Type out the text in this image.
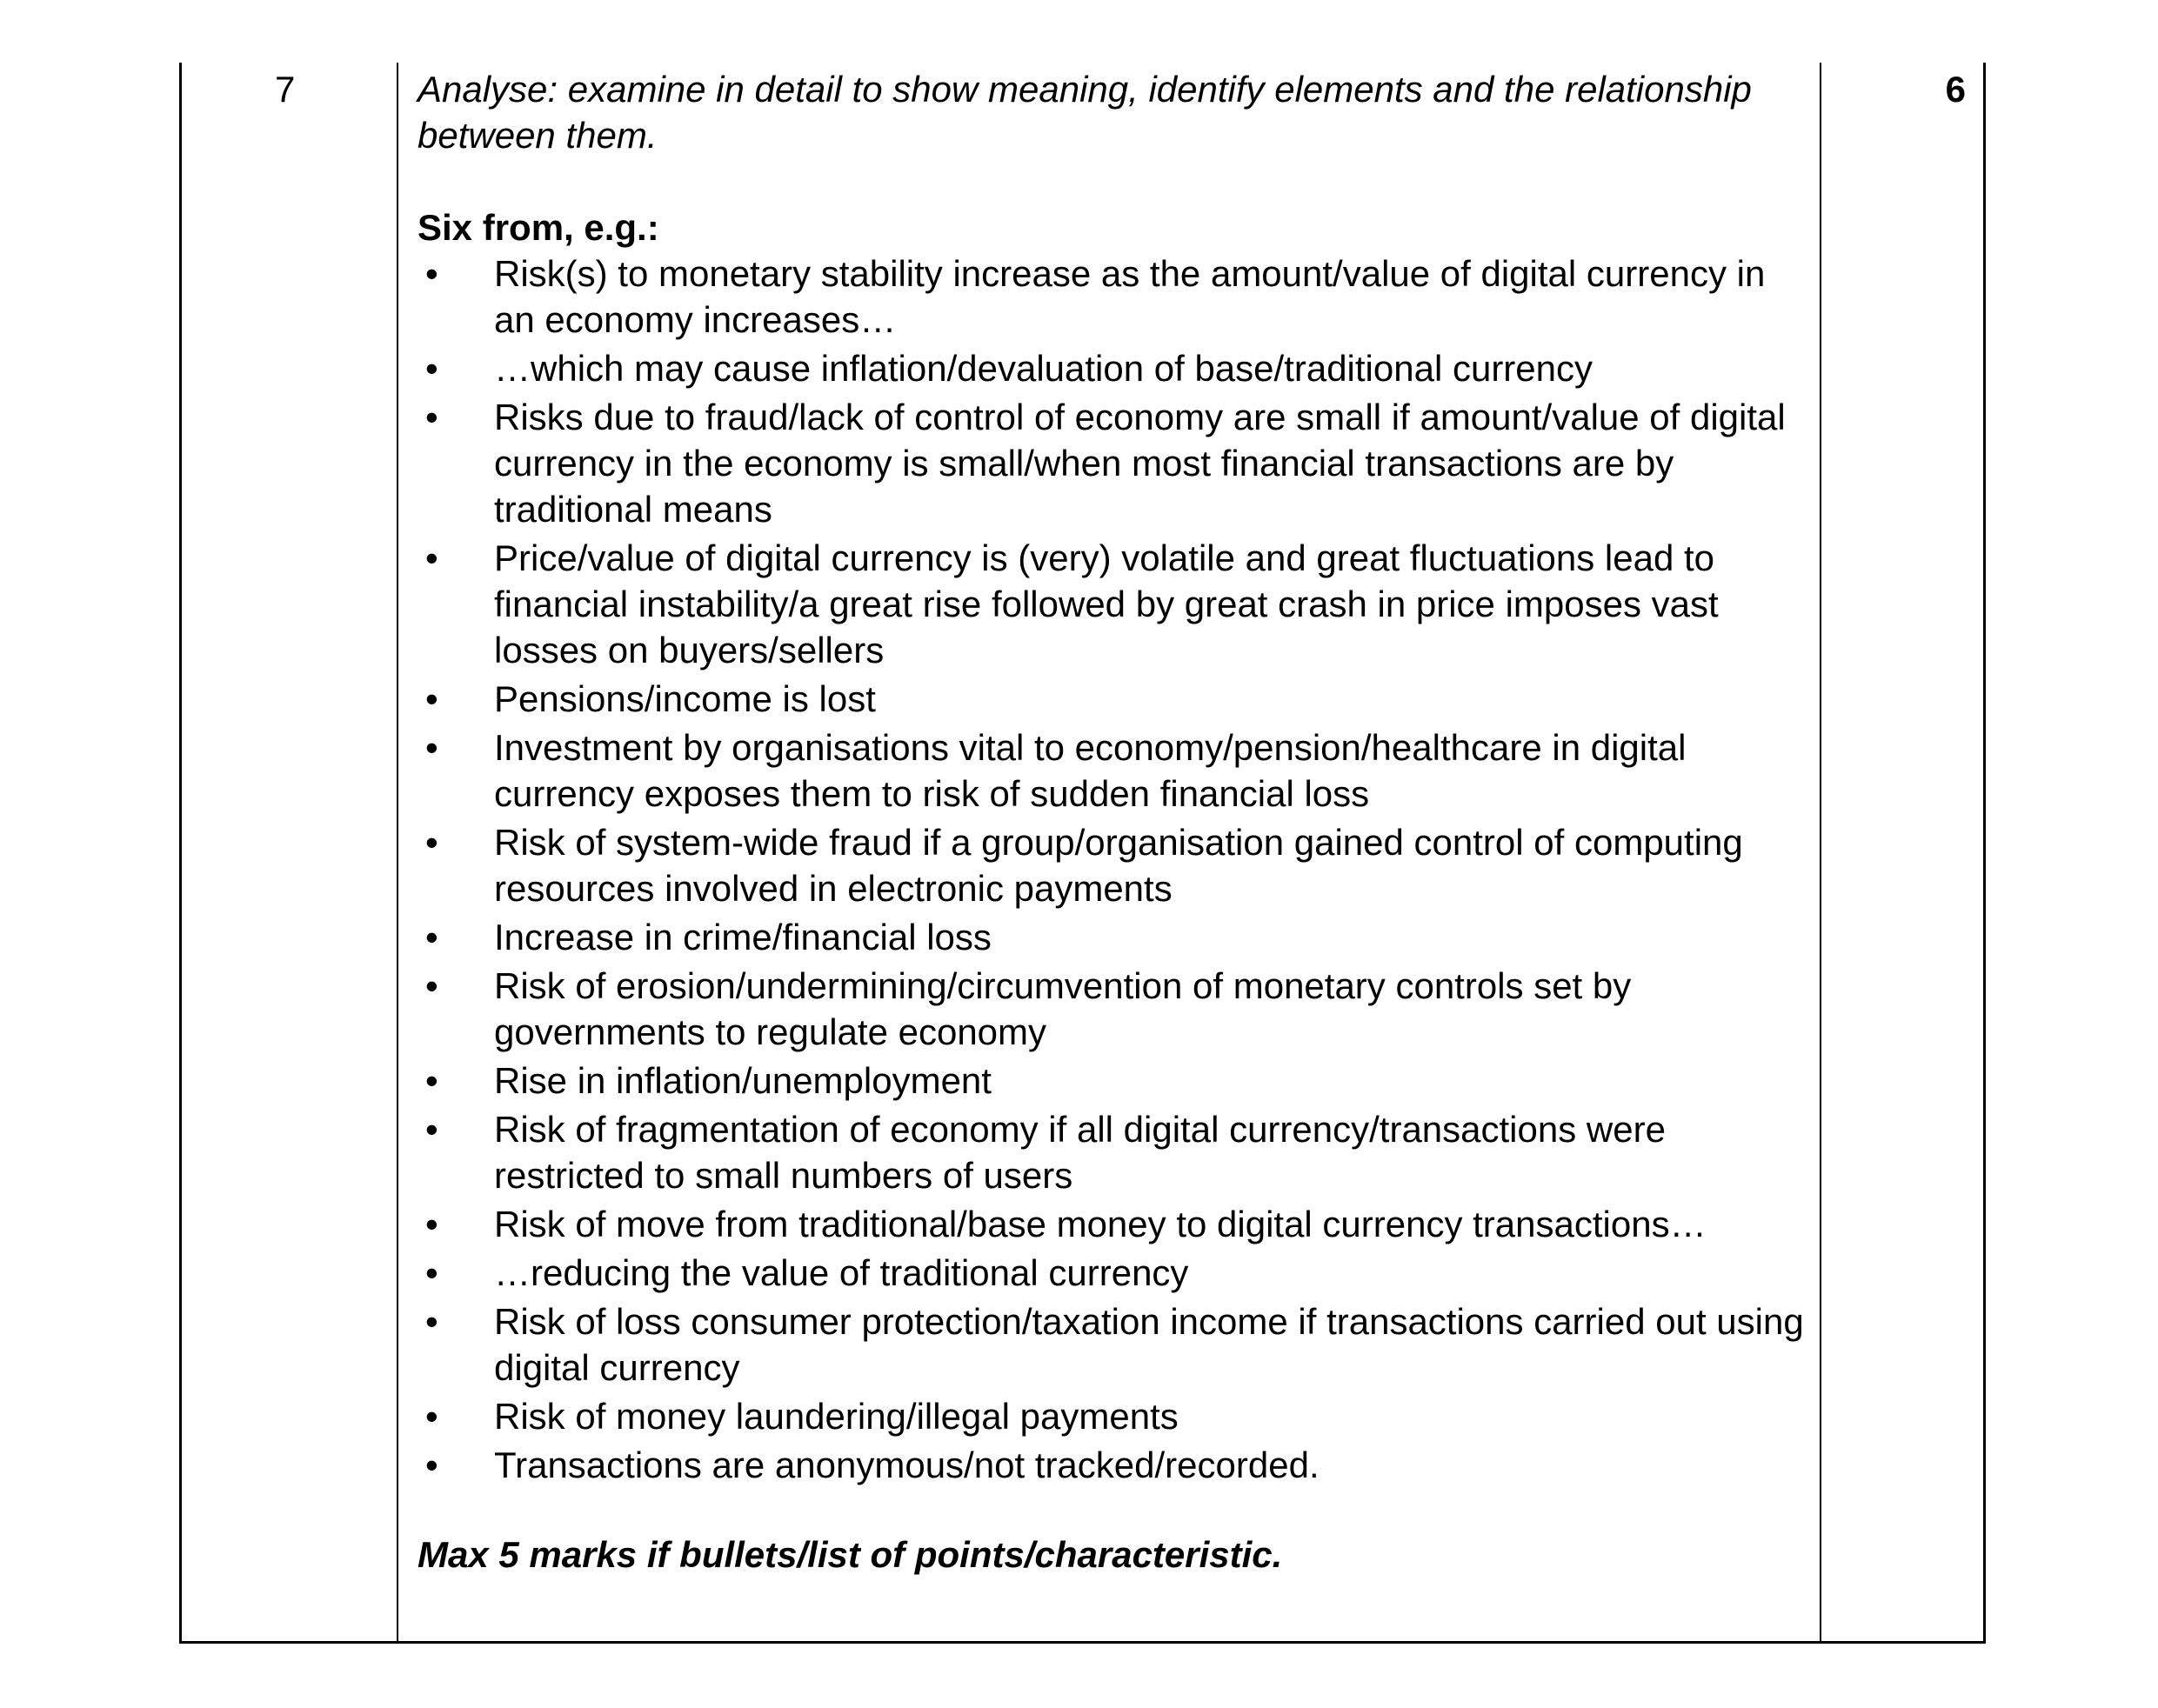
7	Analyse: examine in detail to show meaning, identify elements and the relationship between them.

Six from, e.g.:

• Risk(s) to monetary stability increase as the amount/value of digital currency in an economy increases…
• …which may cause inflation/devaluation of base/traditional currency
• Risks due to fraud/lack of control of economy are small if amount/value of digital currency in the economy is small/when most financial transactions are by traditional means
• Price/value of digital currency is (very) volatile and great fluctuations lead to financial instability/a great rise followed by great crash in price imposes vast losses on buyers/sellers
• Pensions/income is lost
• Investment by organisations vital to economy/pension/healthcare in digital currency exposes them to risk of sudden financial loss
• Risk of system-wide fraud if a group/organisation gained control of computing resources involved in electronic payments
• Increase in crime/financial loss
• Risk of erosion/undermining/circumvention of monetary controls set by governments to regulate economy
• Rise in inflation/unemployment
• Risk of fragmentation of economy if all digital currency/transactions were restricted to small numbers of users
• Risk of move from traditional/base money to digital currency transactions…
• …reducing the value of traditional currency
• Risk of loss consumer protection/taxation income if transactions carried out using digital currency
• Risk of money laundering/illegal payments
• Transactions are anonymous/not tracked/recorded.

Max 5 marks if bullets/list of points/characteristic.

6
